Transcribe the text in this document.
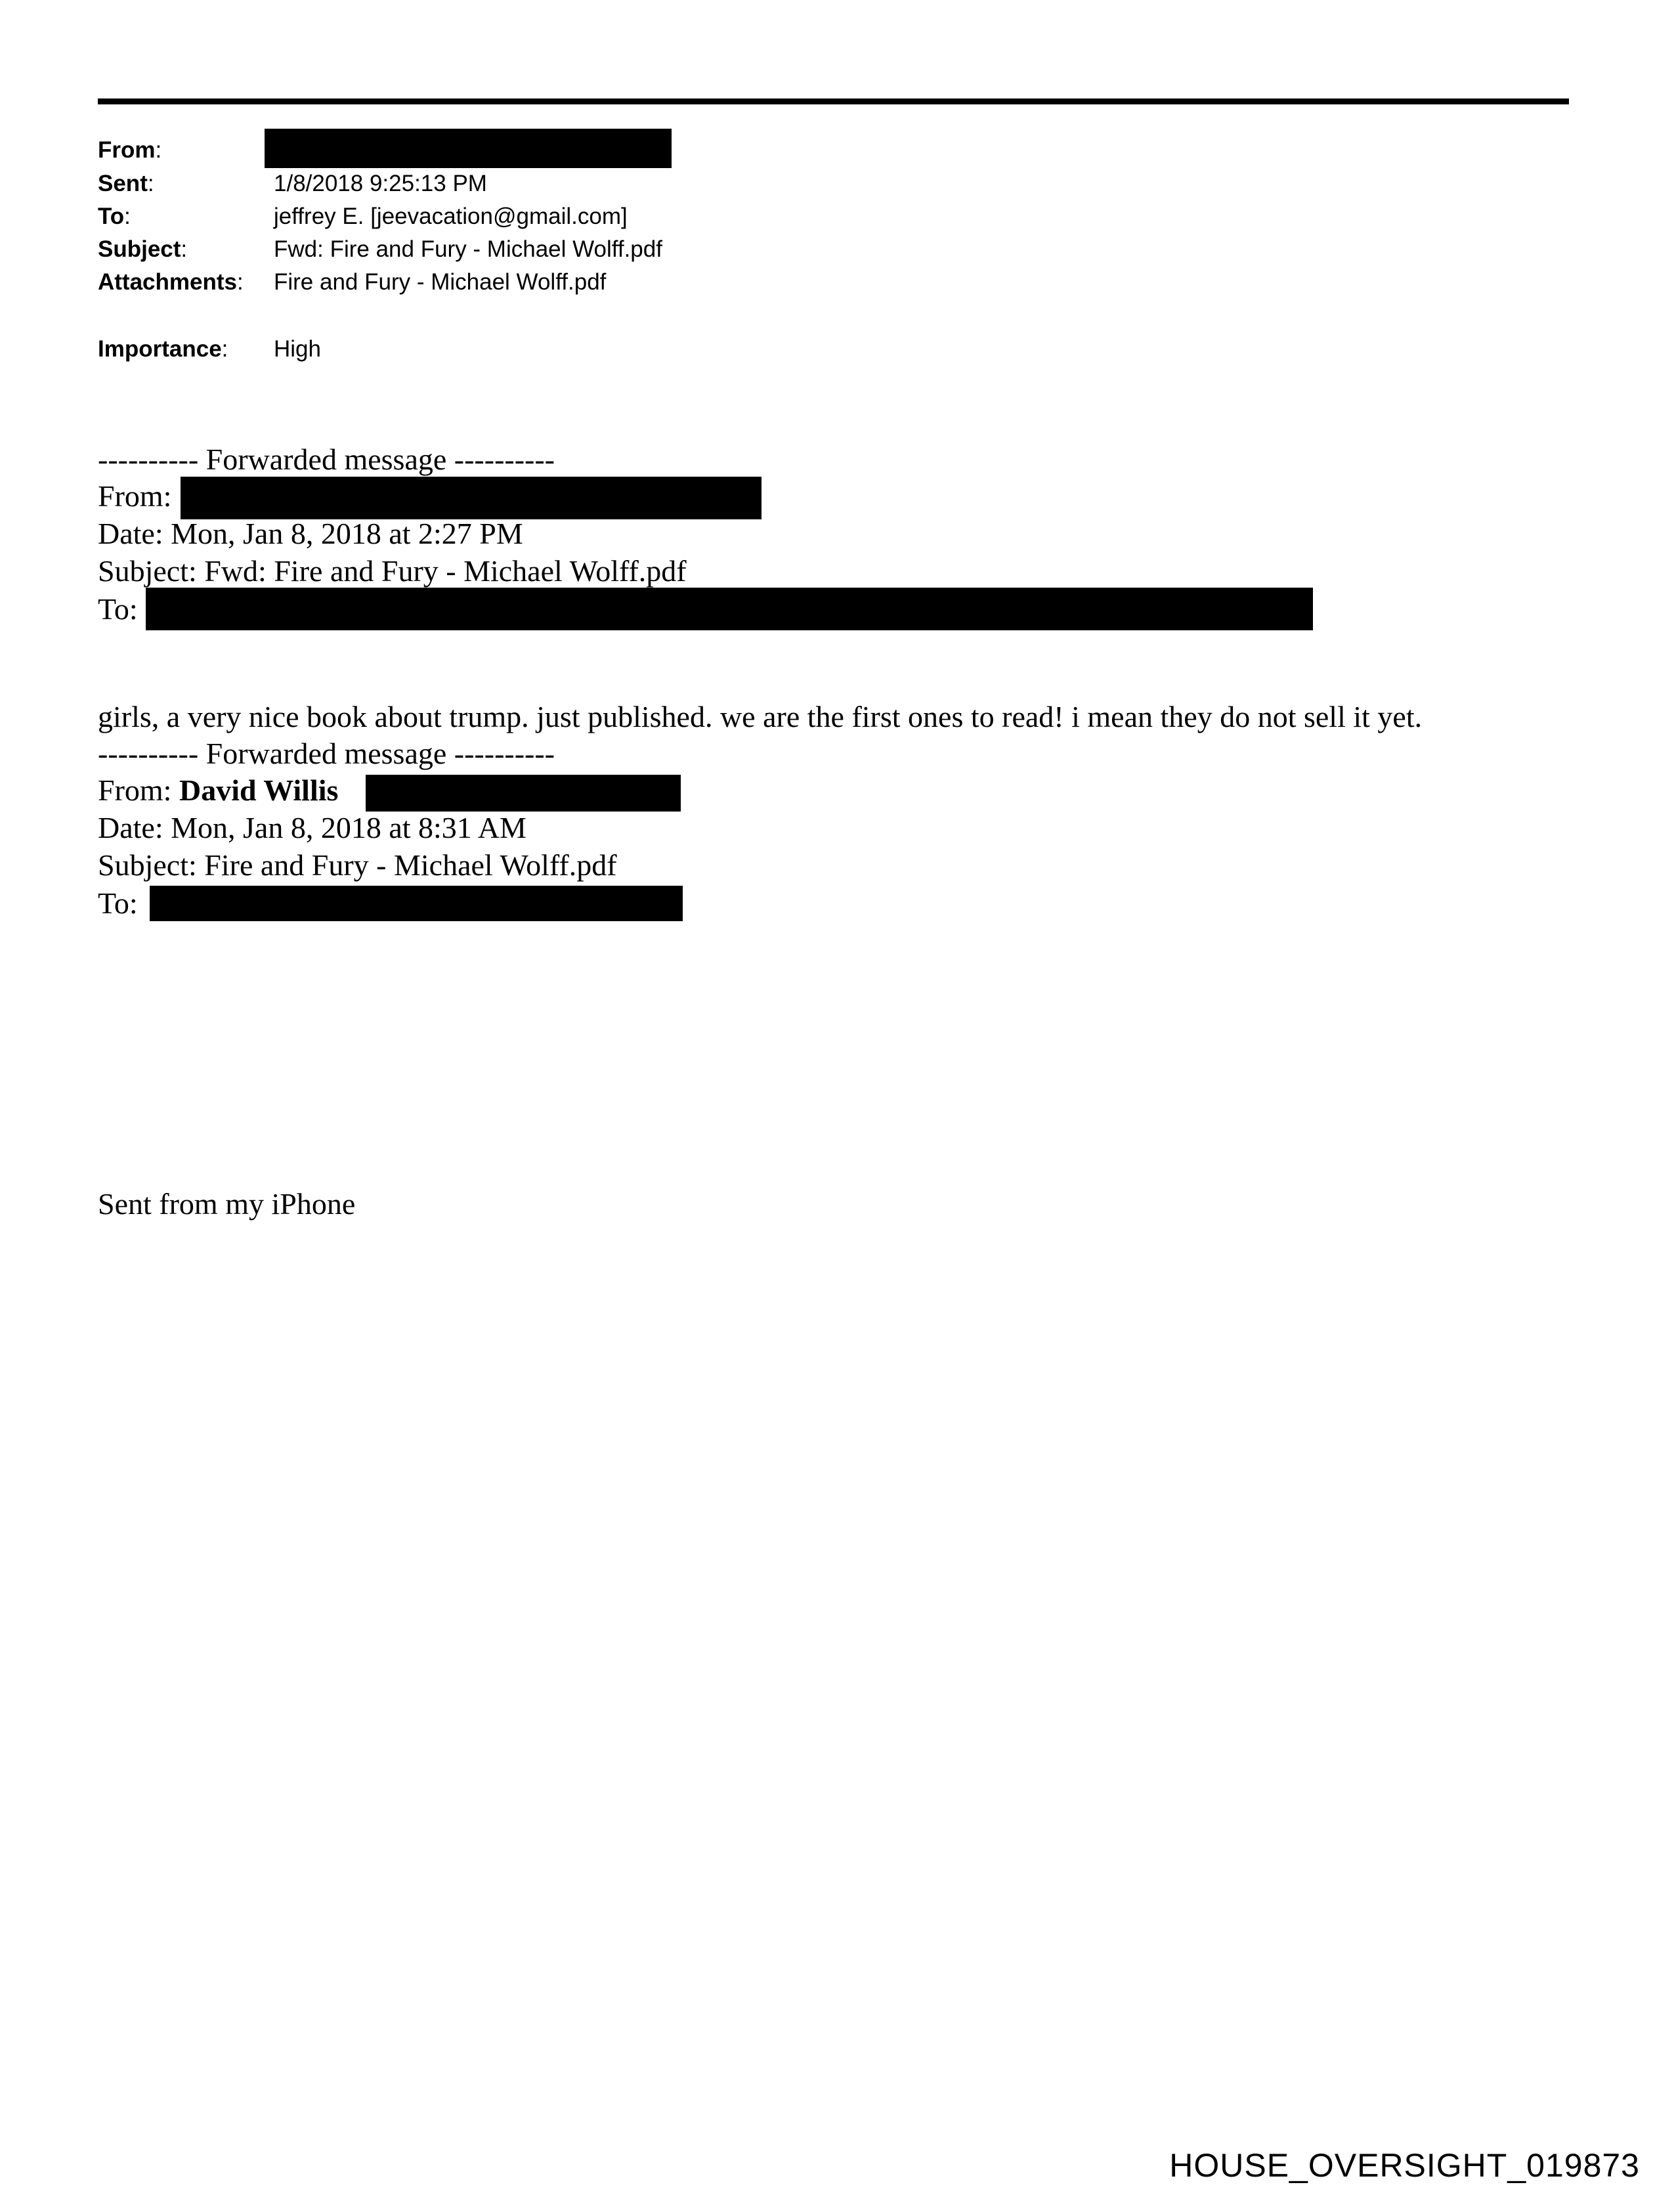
From:
Sent:	1/8/2018 9:25:13 PM
To:	jeffrey E. [jeevacation@gmail.com]
Subject:	Fwd: Fire and Fury - Michael Wolff.pdf
Attachments: Fire and Fury - Michael Wolff.pdf
Importance: High
---------- Forwarded message ----------
From:
Date: Mon, Jan 8, 2018 at 2:27 PM
Subject: Fwd: Fire and Fury - Michael Wolff.pdf
To:
girls, a very nice book about trump. just published. we are the first ones to read! i mean they do not sell it yet.
---------- Forwarded message ----------
From: David Willis
Date: Mon, Jan 8, 2018 at 8:31 AM
Subject: Fire and Fury - Michael Wolff.pdf
To:
Sent from my iPhone
HOUSE_OVERSIGHT_019873
